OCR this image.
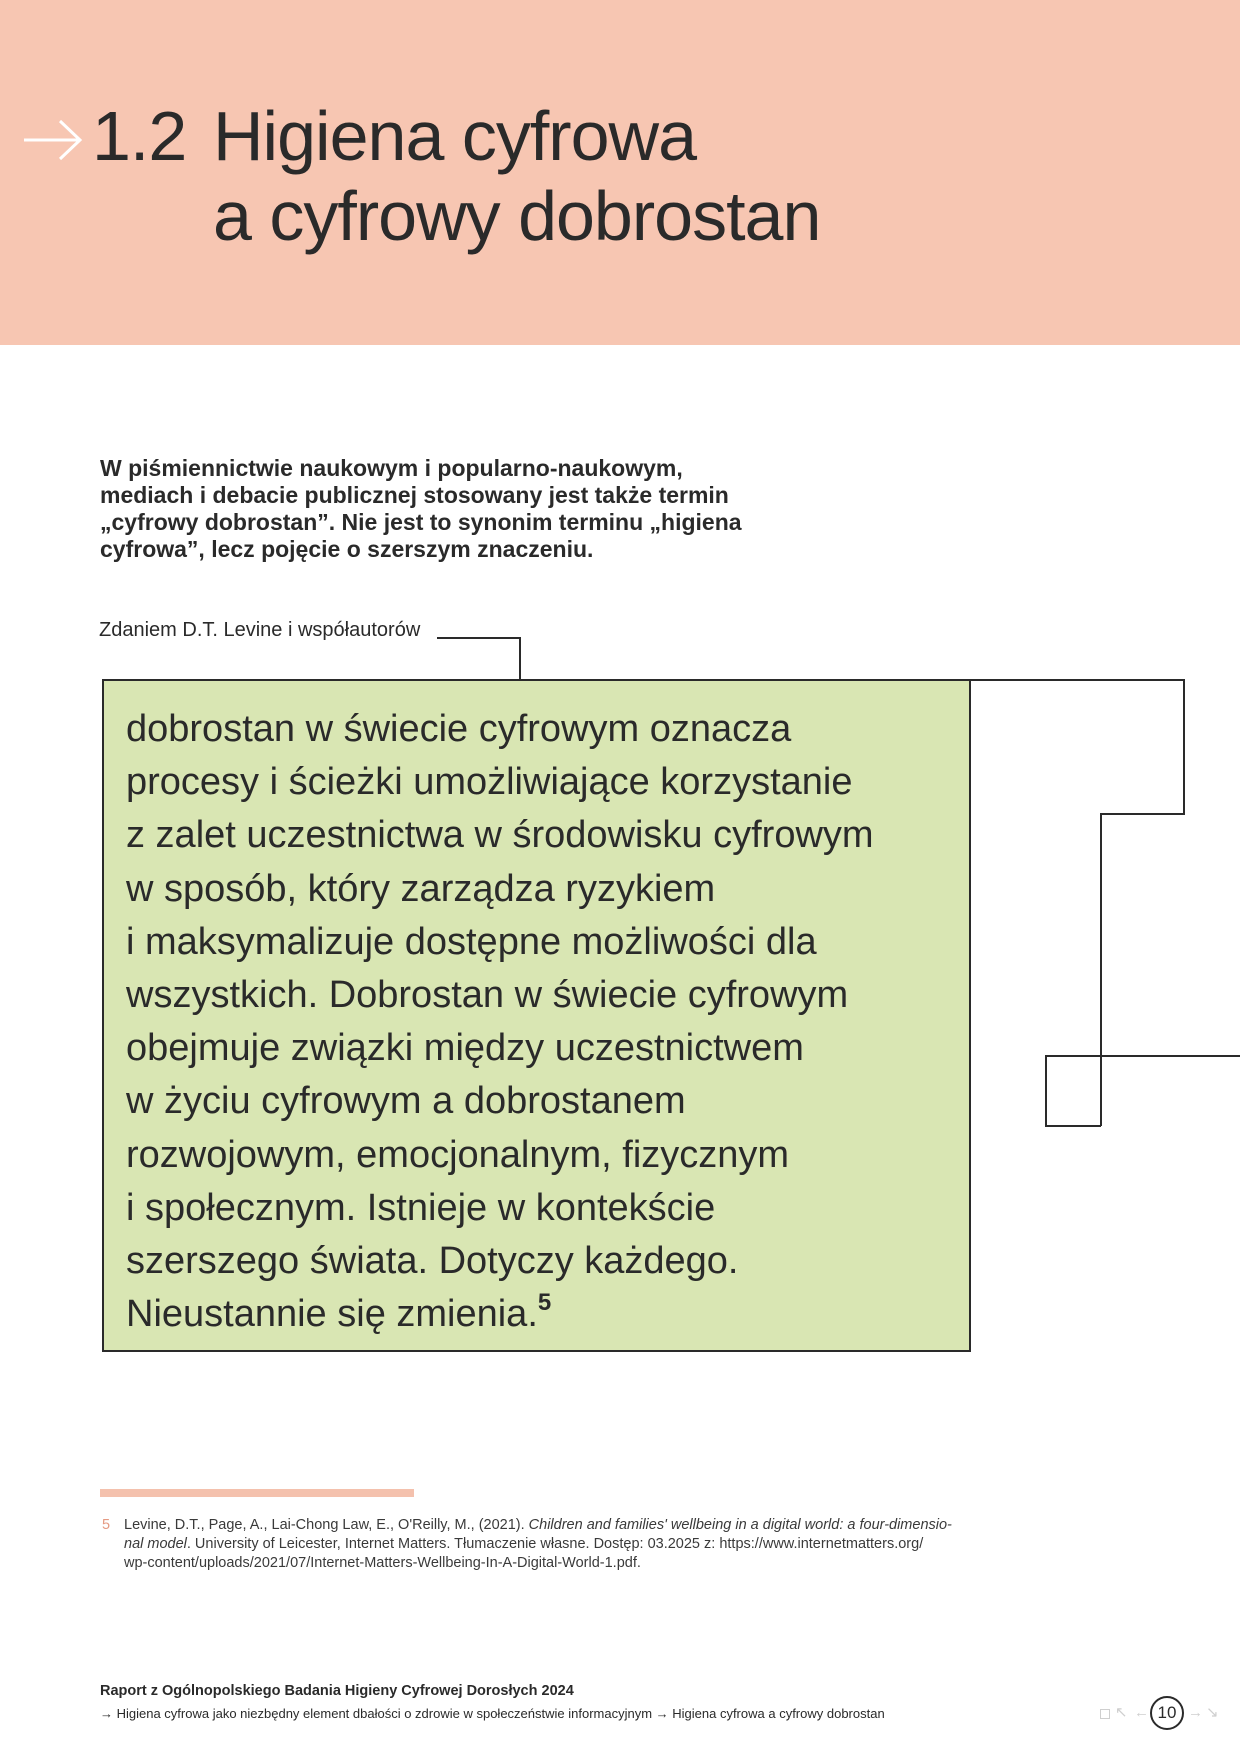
1.2 Higiena cyfrowa
a cyfrowy dobrostan

W piśmiennictwie naukowym i popularno-naukowym,
mediach i debacie publicznej stosowany jest także termin
„cyfrowy dobrostan”. Nie jest to synonim terminu „higiena
cyfrowa”, lecz pojęcie o szerszym znaczeniu.

Zdaniem D.T. Levine i współautorów

dobrostan w świecie cyfrowym oznacza
procesy i ścieżki umożliwiające korzystanie
z zalet uczestnictwa w środowisku cyfrowym
w sposób, który zarządza ryzykiem
i maksymalizuje dostępne możliwości dla
wszystkich. Dobrostan w świecie cyfrowym
obejmuje związki między uczestnictwem
w życiu cyfrowym a dobrostanem
rozwojowym, emocjonalnym, fizycznym
i społecznym. Istnieje w kontekście
szerszego świata. Dotyczy każdego.
Nieustannie się zmienia.$^5$

5 Levine, D.T., Page, A., Lai-Chong Law, E., O'Reilly, M., (2021). Children and families' wellbeing in a digital world: a four-dimensio-
nal model. University of Leicester, Internet Matters. Tłumaczenie własne. Dostęp: 03.2025 z: https://www.internetmatters.org/
wp-content/uploads/2021/07/Internet-Matters-Wellbeing-In-A-Digital-World-1.pdf.

Raport z Ogólnopolskiego Badania Higieny Cyfrowej Dorosłych 2024

→ Higiena cyfrowa jako niezbędny element dbałości o zdrowie w społeczeństwie informacyjnym → Higiena cyfrowa a cyfrowy dobrostan	↖ ← 10 → ↘
